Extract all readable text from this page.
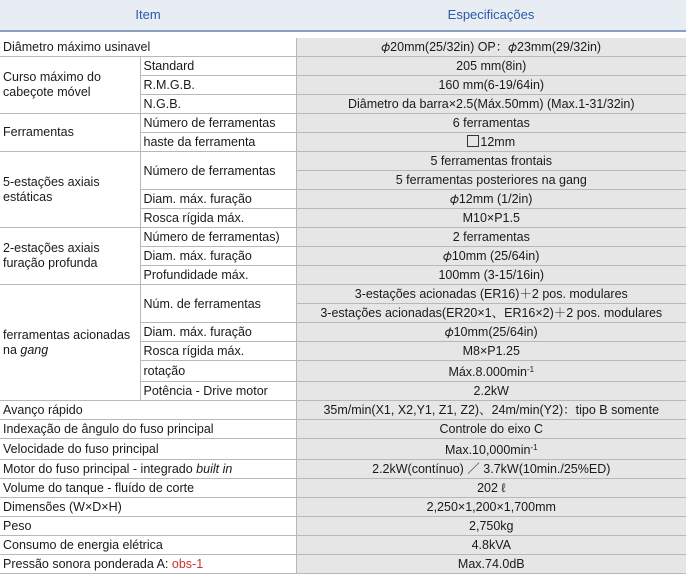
Item		Especificações

Diâmetro máximo usinavel		𝜙20mm(25/32in) OP：𝜙23mm(29/32in)
Curso máximo do cabeçote móvel	Standard	205 mm(8in)
	R.M.G.B.	160 mm(6-19/64in)
	N.G.B.	Diâmetro da barra×2.5(Máx.50mm) (Max.1-31/32in)
Ferramentas	Número de ferramentas	6 ferramentas
	haste da ferramenta	12mm
5-estações axiais estáticas	Número de ferramentas	5 ferramentas frontais
		5 ferramentas posteriores na gang
	Diam. máx. furação	𝜙12mm (1/2in)
	Rosca rígida máx.	M10×P1.5
2-estações axiais furação profunda	Número de ferramentas)	2 ferramentas
	Diam. máx. furação	𝜙10mm (25/64in)
	Profundidade máx.	100mm (3-15/16in)
ferramentas acionadas na gang	Núm. de ferramentas	3-estações acionadas (ER16)＋2 pos. modulares
		3-estações acionadas(ER20×1、ER16×2)＋2 pos. modulares
	Diam. máx. furação	𝜙10mm(25/64in)
	Rosca rígida máx.	M8×P1.25
	rotação	$Máx.8.000\min^{-1}$
	Potência - Drive motor	2.2kW
Avanço rápido		35m/min(X1, X2,Y1, Z1, Z2)、24m/min(Y2)：tipo B somente
Indexação de ângulo do fuso principal		Controle do eixo C
Velocidade do fuso principal		$Max.10,000\min^{-1}$
Motor do fuso principal - integrado built in		2.2kW(contínuo) ／ 3.7kW(10min./25%ED)
Volume do tanque - fluído de corte		202 ℓ
Dimensões (W×D×H)		2,250×1,200×1,700mm
Peso		2,750kg
Consumo de energia elétrica		4.8kVA
Pressão sonora ponderada A: obs-1		Max.74.0dB
